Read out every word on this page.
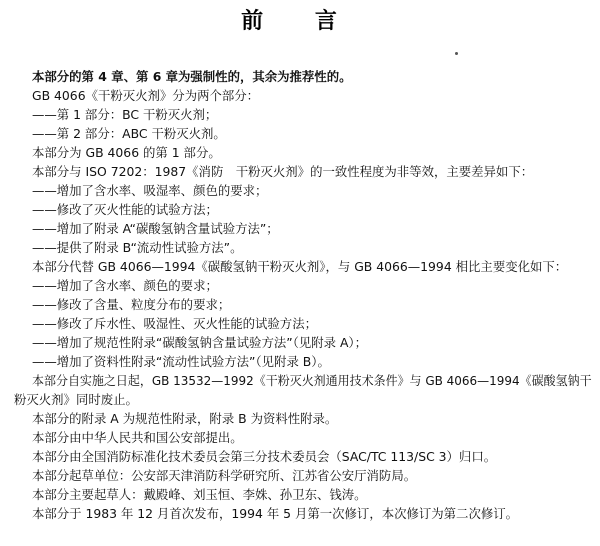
前 言
本部分的第 4 章、第 6 章为强制性的，其余为推荐性的。
GB 4066《干粉灭火剂》分为两个部分：
——第 1 部分：BC 干粉灭火剂；
——第 2 部分：ABC 干粉灭火剂。
本部分为 GB 4066 的第 1 部分。
本部分与 ISO 7202：1987《消防　干粉灭火剂》的一致性程度为非等效，主要差异如下：
——增加了含水率、吸湿率、颜色的要求；
——修改了灭火性能的试验方法；
——增加了附录 A“碳酸氢钠含量试验方法”；
——提供了附录 B“流动性试验方法”。
本部分代替 GB 4066—1994《碳酸氢钠干粉灭火剂》，与 GB 4066—1994 相比主要变化如下：
——增加了含水率、颜色的要求；
——修改了含量、粒度分布的要求；
——修改了斥水性、吸湿性、灭火性能的试验方法；
——增加了规范性附录“碳酸氢钠含量试验方法”（见附录 A）；
——增加了资料性附录“流动性试验方法”（见附录 B）。
本部分自实施之日起，GB 13532—1992《干粉灭火剂通用技术条件》与 GB 4066—1994《碳酸氢钠干
粉灭火剂》同时废止。
本部分的附录 A 为规范性附录，附录 B 为资料性附录。
本部分由中华人民共和国公安部提出。
本部分由全国消防标准化技术委员会第三分技术委员会（SAC/TC 113/SC 3）归口。
本部分起草单位：公安部天津消防科学研究所、江苏省公安厅消防局。
本部分主要起草人：戴殿峰、刘玉恒、李姝、孙卫东、钱涛。
本部分于 1983 年 12 月首次发布，1994 年 5 月第一次修订，本次修订为第二次修订。
